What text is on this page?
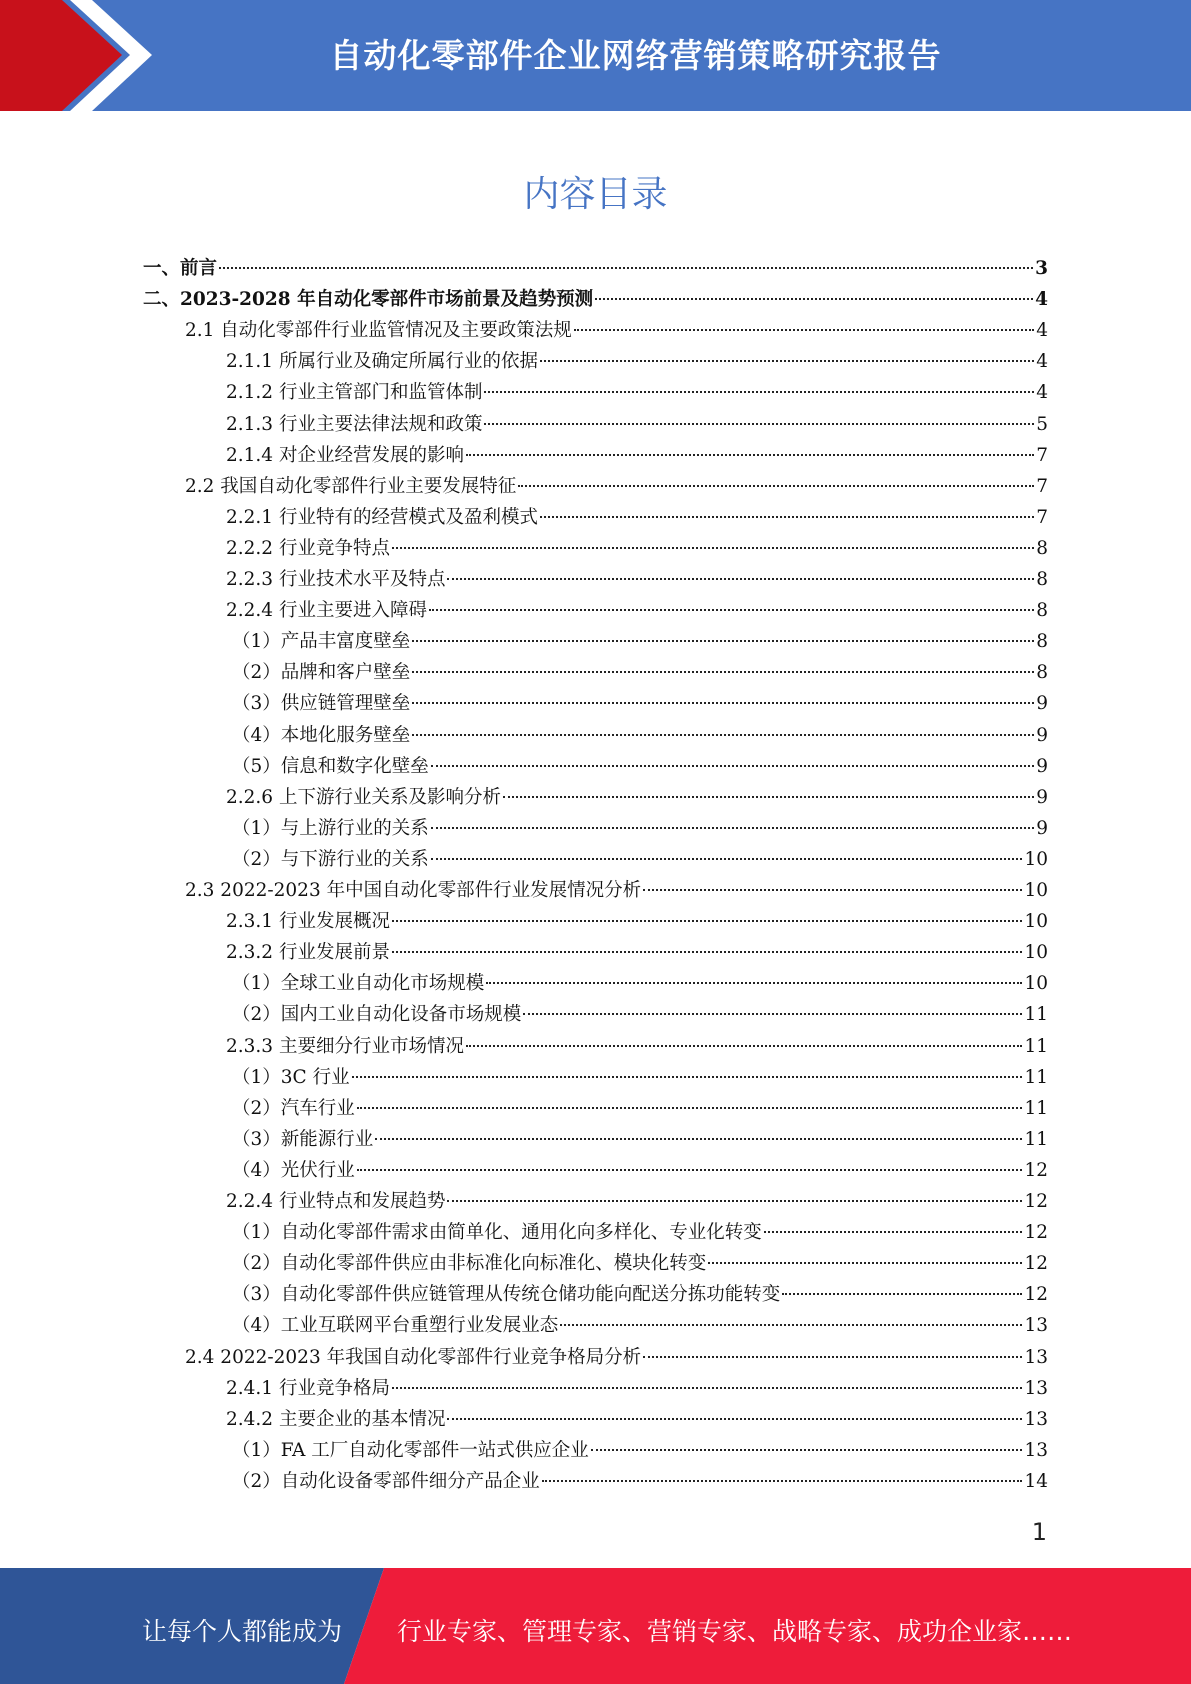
自动化零部件企业网络营销策略研究报告
内容目录
一、前言	3
二、2023-2028 年自动化零部件市场前景及趋势预测	4
2.1 自动化零部件行业监管情况及主要政策法规	4
2.1.1 所属行业及确定所属行业的依据	4
2.1.2 行业主管部门和监管体制	4
2.1.3 行业主要法律法规和政策	5
2.1.4 对企业经营发展的影响	7
2.2 我国自动化零部件行业主要发展特征	7
2.2.1 行业特有的经营模式及盈利模式	7
2.2.2 行业竞争特点	8
2.2.3 行业技术水平及特点	8
2.2.4 行业主要进入障碍	8
（1）产品丰富度壁垒	8
（2）品牌和客户壁垒	8
（3）供应链管理壁垒	9
（4）本地化服务壁垒	9
（5）信息和数字化壁垒	9
2.2.6 上下游行业关系及影响分析	9
（1）与上游行业的关系	9
（2）与下游行业的关系	10
2.3 2022-2023 年中国自动化零部件行业发展情况分析	10
2.3.1 行业发展概况	10
2.3.2 行业发展前景	10
（1）全球工业自动化市场规模	10
（2）国内工业自动化设备市场规模	11
2.3.3 主要细分行业市场情况	11
（1）3C 行业	11
（2）汽车行业	11
（3）新能源行业	11
（4）光伏行业	12
2.2.4 行业特点和发展趋势	12
（1）自动化零部件需求由简单化、通用化向多样化、专业化转变	12
（2）自动化零部件供应由非标准化向标准化、模块化转变	12
（3）自动化零部件供应链管理从传统仓储功能向配送分拣功能转变	12
（4）工业互联网平台重塑行业发展业态	13
2.4 2022-2023 年我国自动化零部件行业竞争格局分析	13
2.4.1 行业竞争格局	13
2.4.2 主要企业的基本情况	13
（1）FA 工厂自动化零部件一站式供应企业	13
（2）自动化设备零部件细分产品企业	14
1
让每个人都能成为 行业专家、管理专家、营销专家、战略专家、成功企业家……
